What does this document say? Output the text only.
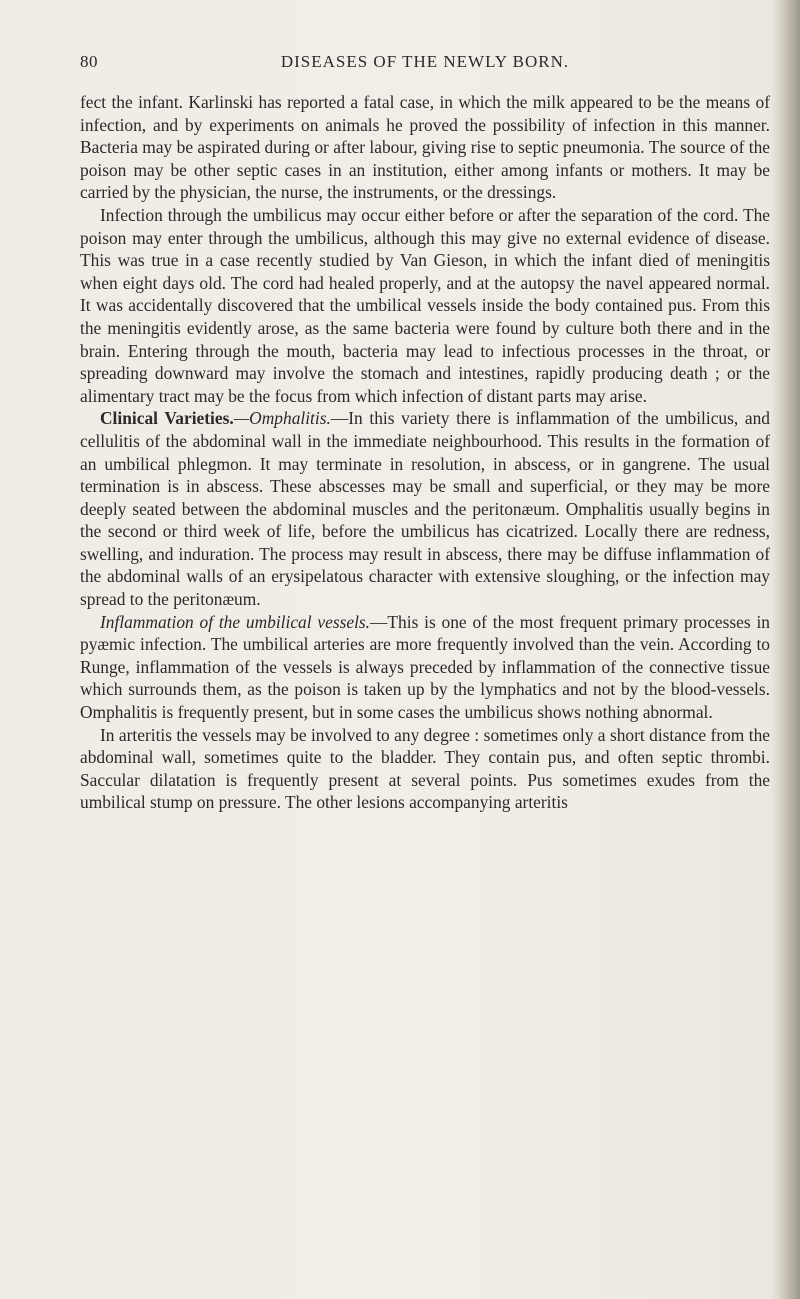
80	DISEASES OF THE NEWLY BORN.

fect the infant. Karlinski has reported a fatal case, in which the milk appeared to be the means of infection, and by experiments on animals he proved the possibility of infection in this manner. Bacteria may be aspirated during or after labour, giving rise to septic pneumonia. The source of the poison may be other septic cases in an institution, either among infants or mothers. It may be carried by the physician, the nurse, the instruments, or the dressings.

Infection through the umbilicus may occur either before or after the separation of the cord. The poison may enter through the umbilicus, although this may give no external evidence of disease. This was true in a case recently studied by Van Gieson, in which the infant died of meningitis when eight days old. The cord had healed properly, and at the autopsy the navel appeared normal. It was accidentally discovered that the umbilical vessels inside the body contained pus. From this the meningitis evidently arose, as the same bacteria were found by culture both there and in the brain. Entering through the mouth, bacteria may lead to infectious processes in the throat, or spreading downward may involve the stomach and intestines, rapidly producing death ; or the alimentary tract may be the focus from which infection of distant parts may arise.

Clinical Varieties.—Omphalitis.—In this variety there is inflammation of the umbilicus, and cellulitis of the abdominal wall in the immediate neighbourhood. This results in the formation of an umbilical phlegmon. It may terminate in resolution, in abscess, or in gangrene. The usual termination is in abscess. These abscesses may be small and superficial, or they may be more deeply seated between the abdominal muscles and the peritonæum. Omphalitis usually begins in the second or third week of life, before the umbilicus has cicatrized. Locally there are redness, swelling, and induration. The process may result in abscess, there may be diffuse inflammation of the abdominal walls of an erysipelatous character with extensive sloughing, or the infection may spread to the peritonæum.

Inflammation of the umbilical vessels.—This is one of the most frequent primary processes in pyæmic infection. The umbilical arteries are more frequently involved than the vein. According to Runge, inflammation of the vessels is always preceded by inflammation of the connective tissue which surrounds them, as the poison is taken up by the lymphatics and not by the blood-vessels. Omphalitis is frequently present, but in some cases the umbilicus shows nothing abnormal.

In arteritis the vessels may be involved to any degree : sometimes only a short distance from the abdominal wall, sometimes quite to the bladder. They contain pus, and often septic thrombi. Saccular dilatation is frequently present at several points. Pus sometimes exudes from the umbilical stump on pressure. The other lesions accompanying arteritis
